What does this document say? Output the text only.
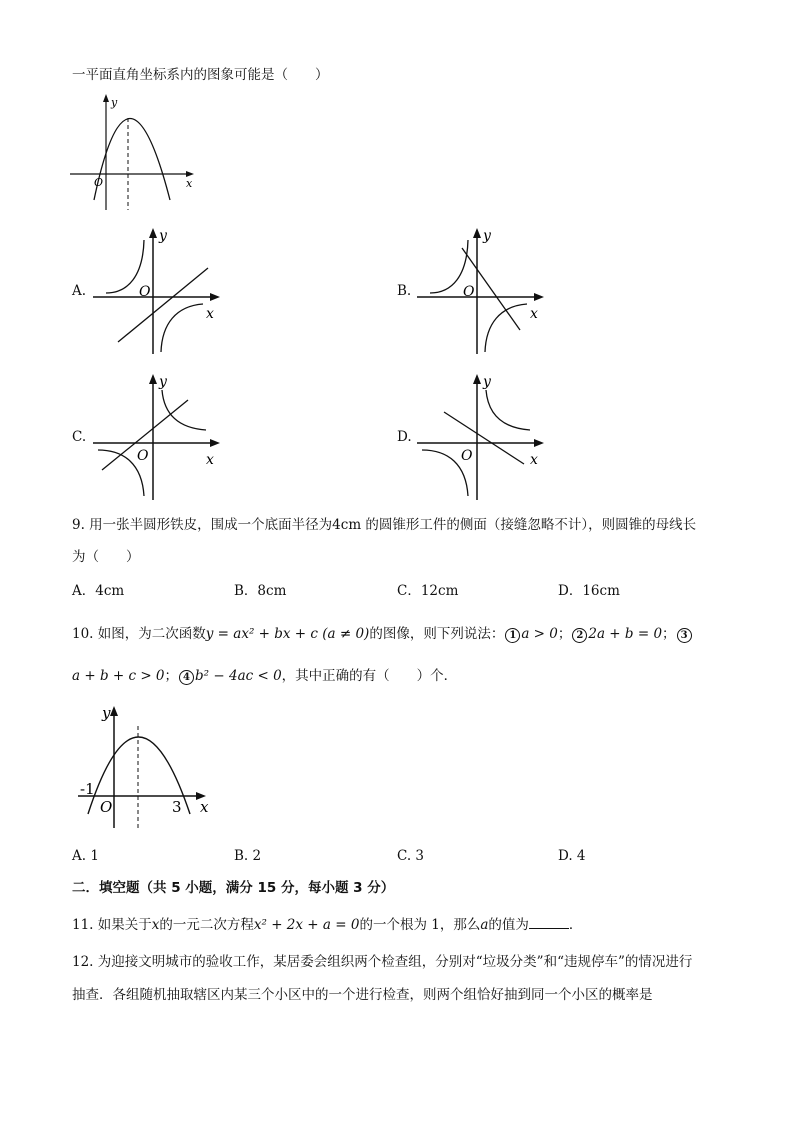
一平面直角坐标系内的图象可能是（　　）
y
O	x
A.
y
O
x
B.
y
O
x
C.
y
O	x
D.
y
O	x
9. 用一张半圆形铁皮，围成一个底面半径为4cm 的圆锥形工件的侧面（接缝忽略不计），则圆锥的母线长
为（　　）
A．4cm	B．8cm	C．12cm	D．16cm
10. 如图，为二次函数y = ax² + bx + c (a ≠ 0)的图像，则下列说法： 1 a > 0； 2 2a + b = 0； 3
a + b + c > 0； 4 b² − 4ac < 0，其中正确的有（　　）个．
y
-1
O	3 x
A. 1	B. 2	C. 3	D. 4
二．填空题（共 5 小题，满分 15 分，每小题 3 分）
11. 如果关于x的一元二次方程x² + 2x + a = 0的一个根为 1，那么a的值为	．
12. 为迎接文明城市的验收工作，某居委会组织两个检查组，分别对“垃圾分类”和“违规停车”的情况进行
抽查．各组随机抽取辖区内某三个小区中的一个进行检查，则两个组恰好抽到同一个小区的概率是
